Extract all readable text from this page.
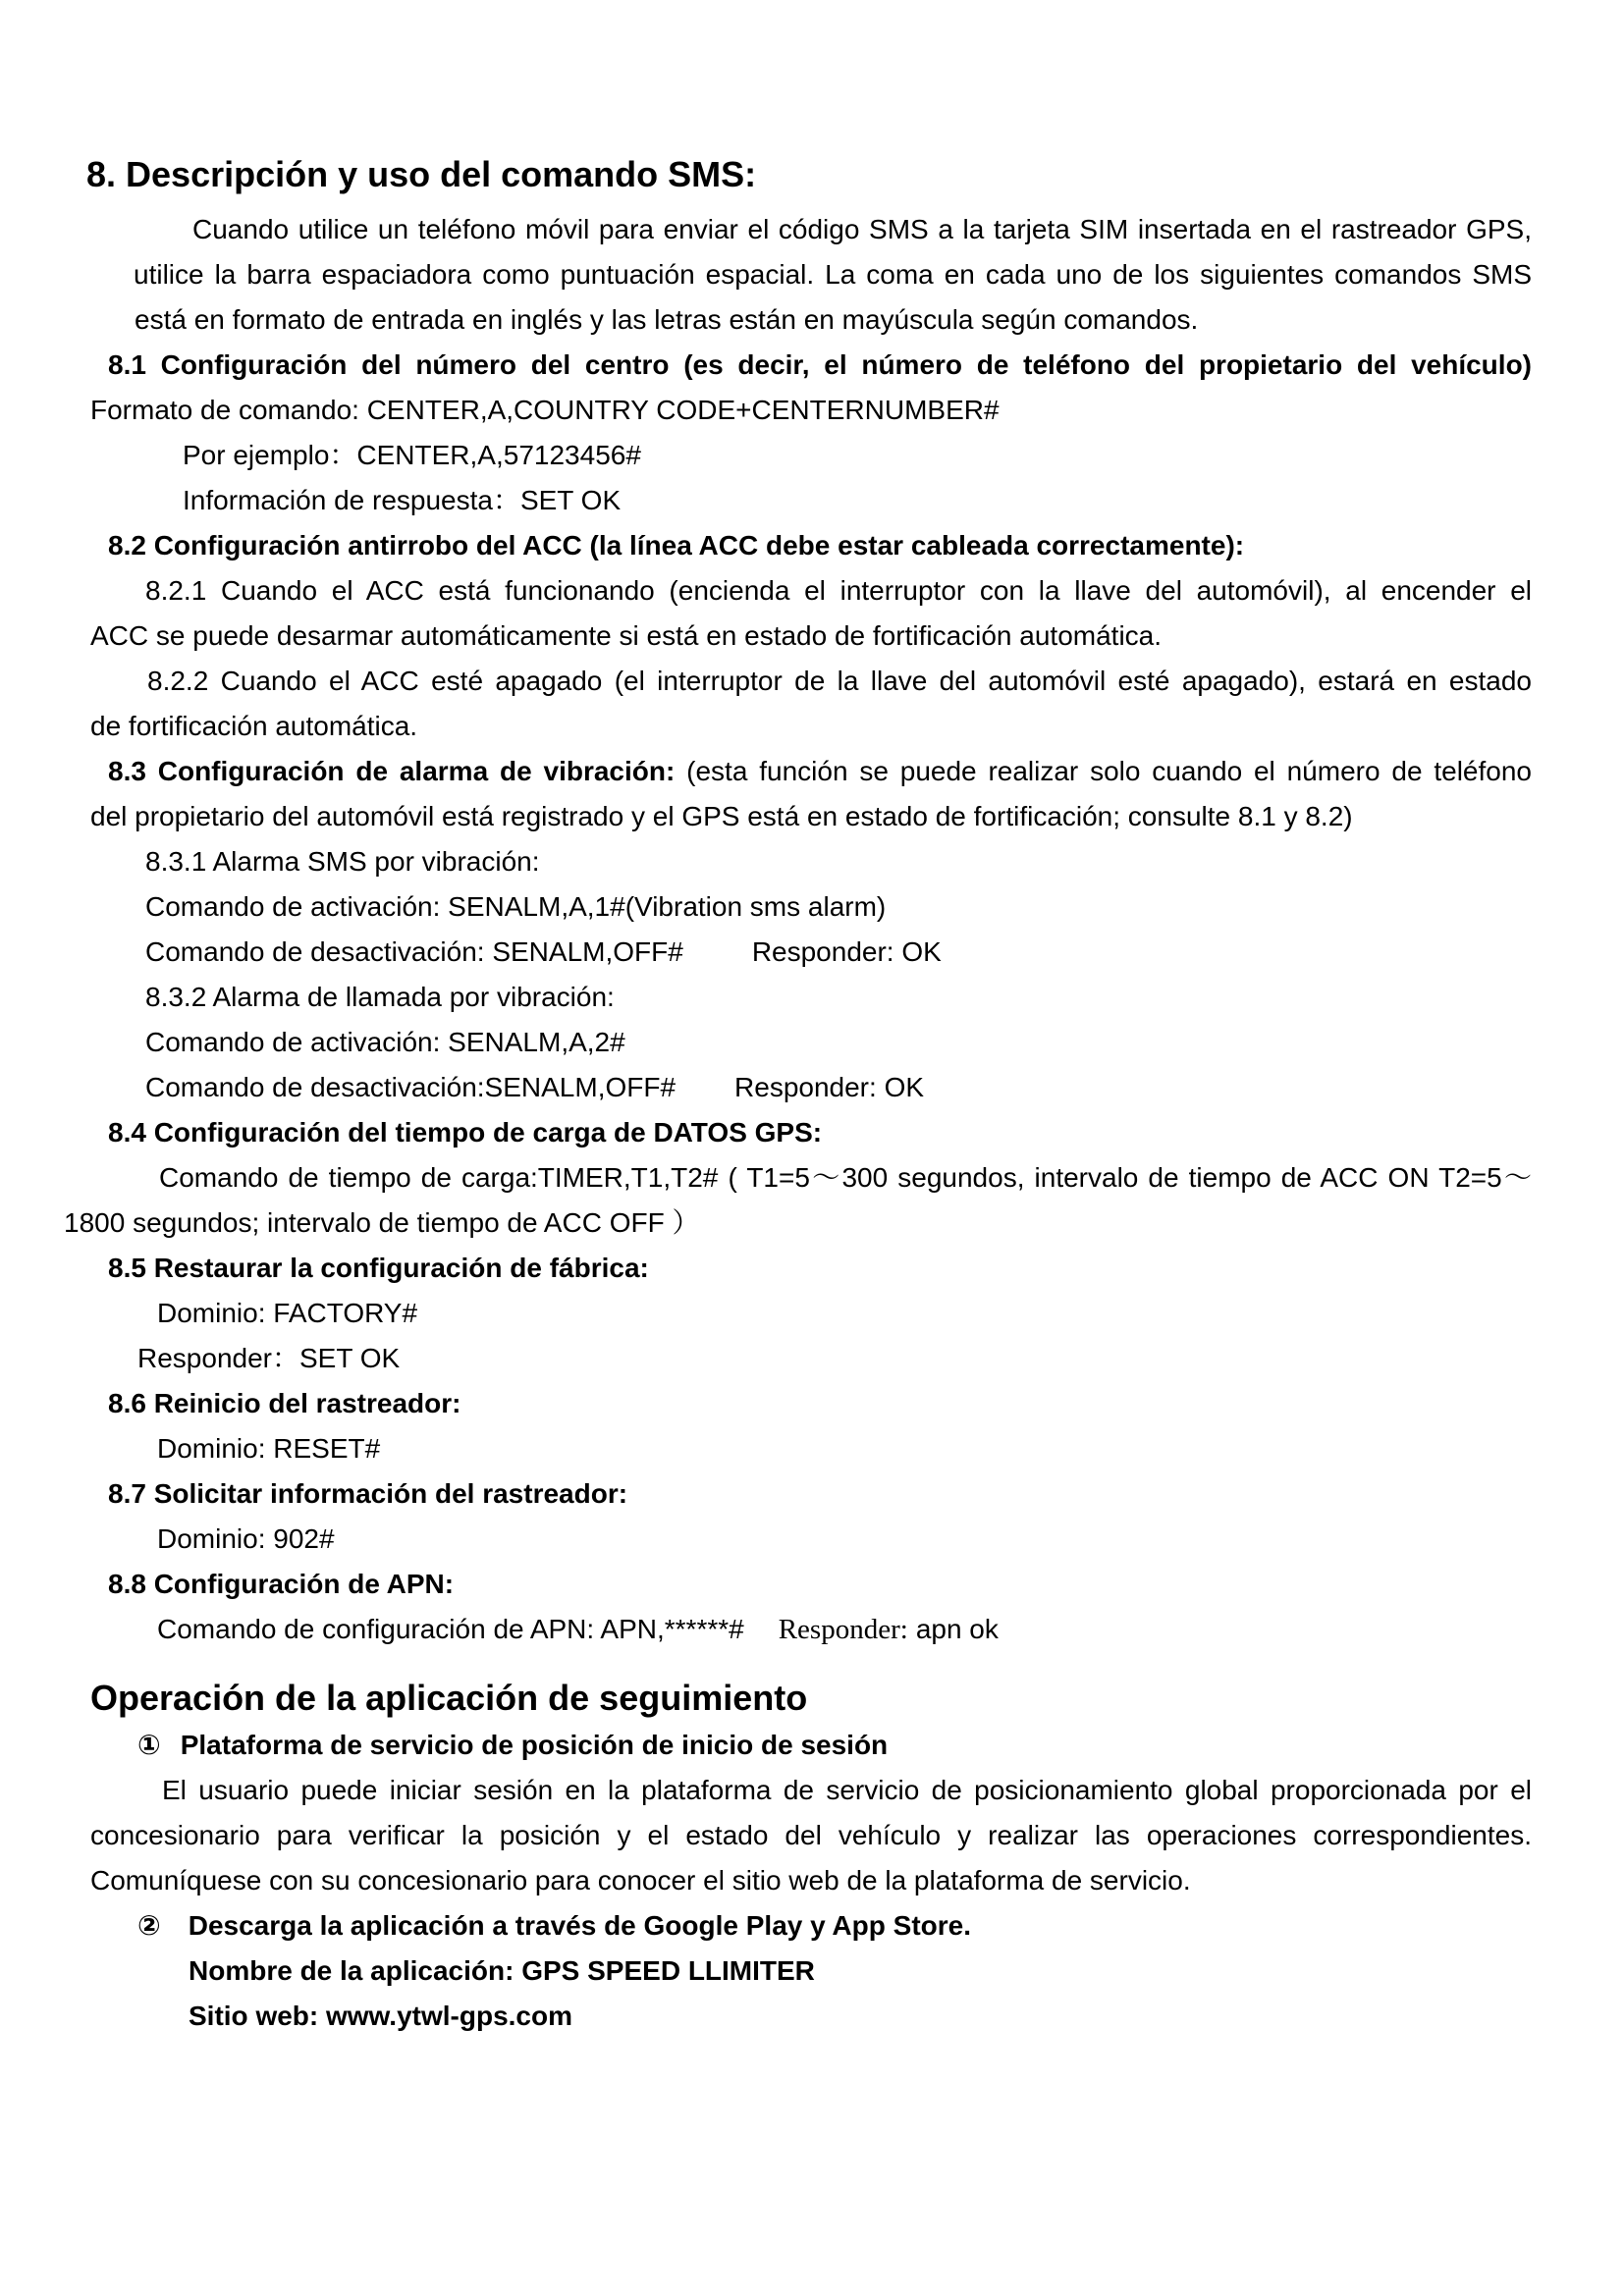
8. Descripción y uso del comando SMS:
Cuando utilice un teléfono móvil para enviar el código SMS a la tarjeta SIM insertada en el rastreador GPS,
utilice la barra espaciadora como puntuación espacial. La coma en cada uno de los siguientes comandos SMS
está en formato de entrada en inglés y las letras están en mayúscula según comandos.
8.1 Configuración del número del centro (es decir, el número de teléfono del propietario del vehículo)
Formato de comando: CENTER,A,COUNTRY CODE+CENTERNUMBER#
Por ejemplo：CENTER,A,57123456#
Información de respuesta：SET OK
8.2 Configuración antirrobo del ACC (la línea ACC debe estar cableada correctamente):
8.2.1 Cuando el ACC está funcionando (encienda el interruptor con la llave del automóvil), al encender el
ACC se puede desarmar automáticamente si está en estado de fortificación automática.
8.2.2 Cuando el ACC esté apagado (el interruptor de la llave del automóvil esté apagado), estará en estado
de fortificación automática.
8.3 Configuración de alarma de vibración: (esta función se puede realizar solo cuando el número de teléfono
del propietario del automóvil está registrado y el GPS está en estado de fortificación; consulte 8.1 y 8.2)
8.3.1 Alarma SMS por vibración:
Comando de activación: SENALM,A,1#(Vibration sms alarm)
Comando de desactivación: SENALM,OFF#	Responder: OK
8.3.2 Alarma de llamada por vibración:
Comando de activación: SENALM,A,2#
Comando de desactivación:SENALM,OFF# Responder: OK
8.4 Configuración del tiempo de carga de DATOS GPS:
Comando de tiempo de carga:TIMER,T1,T2# ( T1=5～300 segundos, intervalo de tiempo de ACC ON T2=5～
1800 segundos; intervalo de tiempo de ACC OFF ）
8.5 Restaurar la configuración de fábrica:
Dominio: FACTORY#
Responder：SET OK
8.6 Reinicio del rastreador:
Dominio: RESET#
8.7 Solicitar información del rastreador:
Dominio: 902#
8.8 Configuración de APN:
Comando de configuración de APN: APN,******# Responder: apn ok
Operación de la aplicación de seguimiento
① Plataforma de servicio de posición de inicio de sesión
El usuario puede iniciar sesión en la plataforma de servicio de posicionamiento global proporcionada por el
concesionario para verificar la posición y el estado del vehículo y realizar las operaciones correspondientes.
Comuníquese con su concesionario para conocer el sitio web de la plataforma de servicio.
② Descarga la aplicación a través de Google Play y App Store.
Nombre de la aplicación: GPS SPEED LLIMITER
Sitio web: www.ytwl-gps.com
